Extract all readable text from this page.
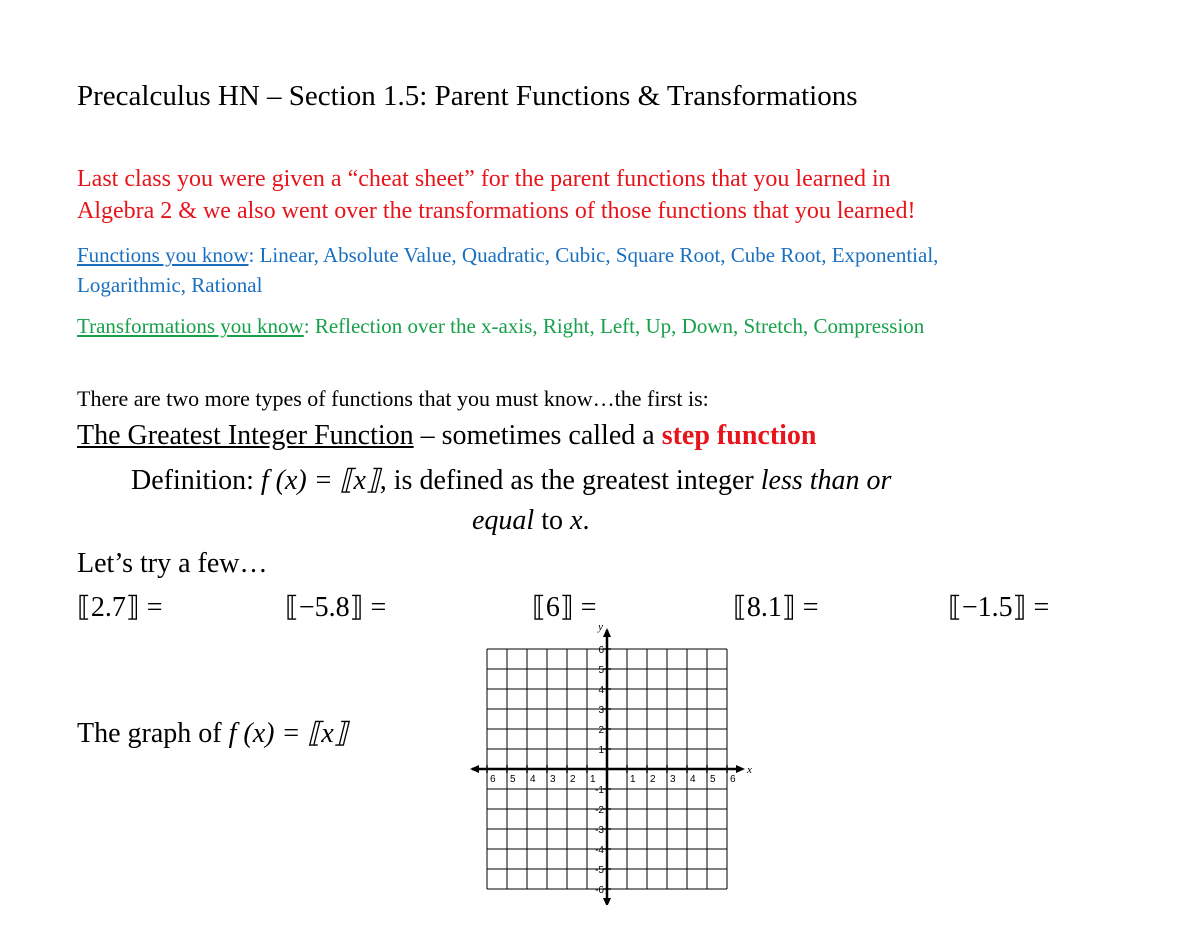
Precalculus HN – Section 1.5: Parent Functions & Transformations
Last class you were given a “cheat sheet” for the parent functions that you learned in
Algebra 2 & we also went over the transformations of those functions that you learned!
Functions you know: Linear, Absolute Value, Quadratic, Cubic, Square Root, Cube Root, Exponential,
Logarithmic, Rational
Transformations you know: Reflection over the x-axis, Right, Left, Up, Down, Stretch, Compression
There are two more types of functions that you must know…the first is:
The Greatest Integer Function – sometimes called a step function
Definition: f (x) = ⟦x⟧, is defined as the greatest integer less than or
equal to x.
Let’s try a few…
⟦2.7⟧ =	⟦−5.8⟧ =	⟦6⟧ =	⟦8.1⟧ =	⟦−1.5⟧ =
The graph of f (x) = ⟦x⟧
6 5 4 3 2 1	1 2 3 4 5 6
6
5
4
3
2
1
-1
-2
-3
-4
-5
-6
x
y
